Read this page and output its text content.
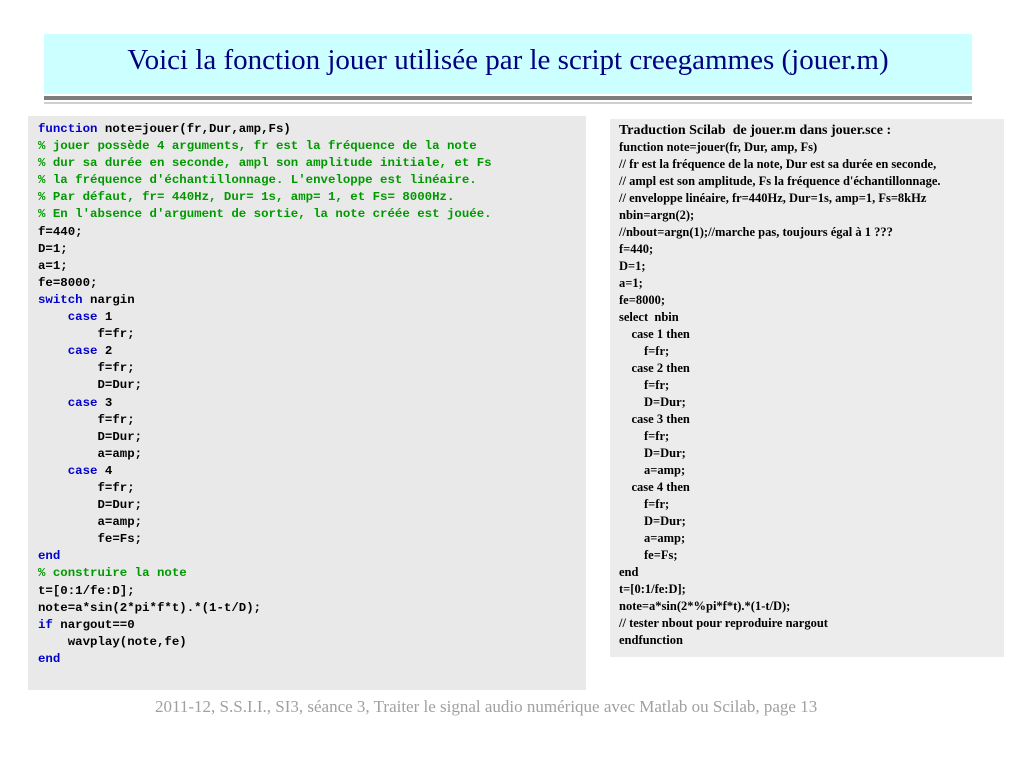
Voici la fonction jouer utilisée par le script creegammes (jouer.m)
function note=jouer(fr,Dur,amp,Fs)
% jouer possède 4 arguments, fr est la fréquence de la note
% dur sa durée en seconde, ampl son amplitude initiale, et Fs
% la fréquence d'échantillonnage. L'enveloppe est linéaire.
% Par défaut, fr= 440Hz, Dur= 1s, amp= 1, et Fs= 8000Hz.
% En l'absence d'argument de sortie, la note créée est jouée.
f=440;
D=1;
a=1;
fe=8000;
switch nargin
case 1
f=fr;
case 2
f=fr;
D=Dur;
case 3
f=fr;
D=Dur;
a=amp;
case 4
f=fr;
D=Dur;
a=amp;
fe=Fs;
end
% construire la note
t=[0:1/fe:D];
note=a*sin(2*pi*f*t).*(1-t/D);
if nargout==0
wavplay(note,fe)
end
Traduction Scilab  de jouer.m dans jouer.sce :
function note=jouer(fr, Dur, amp, Fs)
// fr est la fréquence de la note, Dur est sa durée en seconde,
// ampl est son amplitude, Fs la fréquence d'échantillonnage.
// enveloppe linéaire, fr=440Hz, Dur=1s, amp=1, Fs=8kHz
nbin=argn(2);
//nbout=argn(1);//marche pas, toujours égal à 1 ???
f=440;
D=1;
a=1;
fe=8000;
select  nbin
case 1 then
f=fr;
case 2 then
f=fr;
D=Dur;
case 3 then
f=fr;
D=Dur;
a=amp;
case 4 then
f=fr;
D=Dur;
a=amp;
fe=Fs;
end
t=[0:1/fe:D];
note=a*sin(2*%pi*f*t).*(1-t/D);
// tester nbout pour reproduire nargout
endfunction
2011-12, S.S.I.I., SI3, séance 3, Traiter le signal audio numérique avec Matlab ou Scilab, page 13
